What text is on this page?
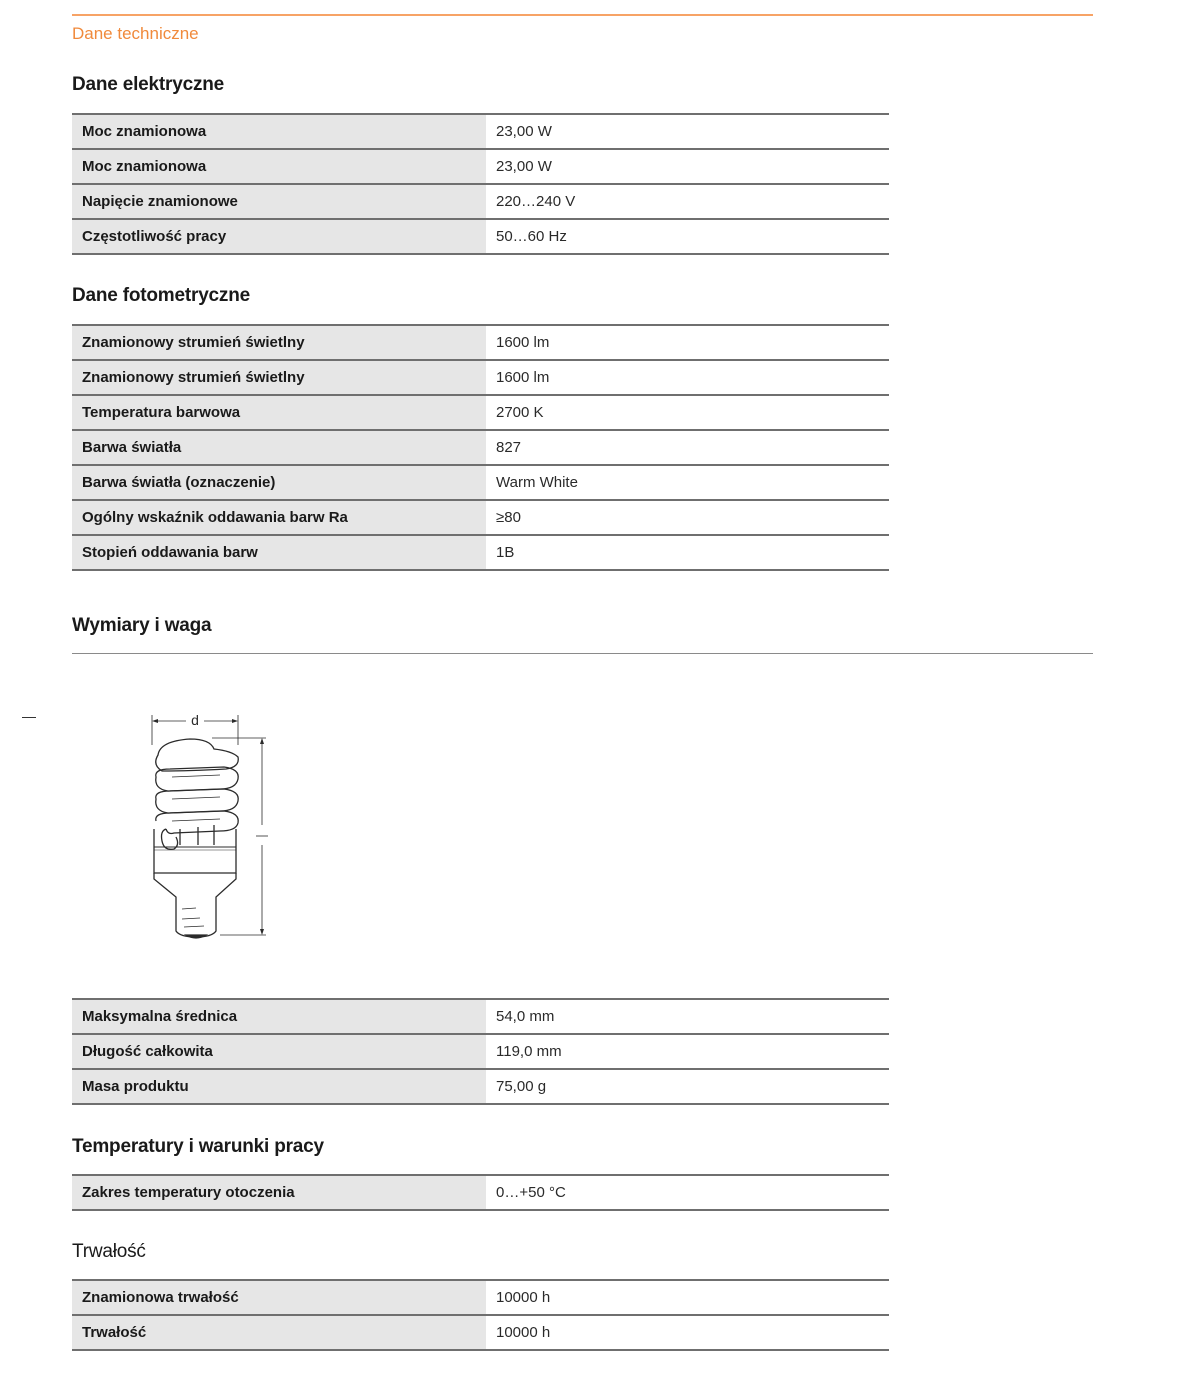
Dane techniczne
Dane elektryczne
Moc znamionowa	23,00 W
Moc znamionowa	23,00 W
Napięcie znamionowe	220…240 V
Częstotliwość pracy	50…60 Hz
Dane fotometryczne
Znamionowy strumień świetlny	1600 lm
Znamionowy strumień świetlny	1600 lm
Temperatura barwowa	2700 K
Barwa światła	827
Barwa światła (oznaczenie)	Warm White
Ogólny wskaźnik oddawania barw Ra	≥80
Stopień oddawania barw	1B
Wymiary i waga
d
Maksymalna średnica	54,0 mm
Długość całkowita	119,0 mm
Masa produktu	75,00 g
Temperatury i warunki pracy
Zakres temperatury otoczenia	0…+50 °C
Trwałość
Znamionowa trwałość	10000 h
Trwałość	10000 h
